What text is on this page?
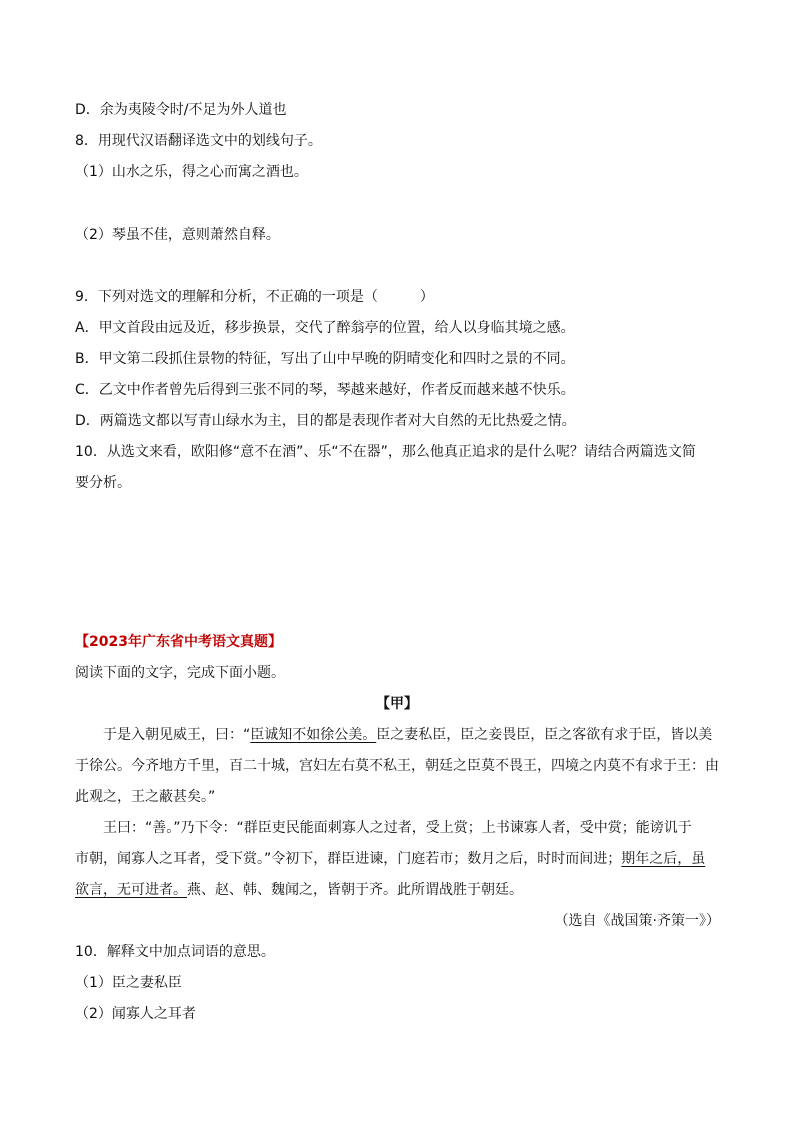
D．余为夷陵令时/不足为外人道也

8．用现代汉语翻译选文中的划线句子。

（1）山水之乐，得之心而寓之酒也。

（2）琴虽不佳，意则萧然自释。

9．下列对选文的理解和分析，不正确的一项是（　　　）

A．甲文首段由远及近，移步换景，交代了醉翁亭的位置，给人以身临其境之感。

B．甲文第二段抓住景物的特征，写出了山中早晚的阴晴变化和四时之景的不同。

C．乙文中作者曾先后得到三张不同的琴，琴越来越好，作者反而越来越不快乐。

D．两篇选文都以写青山绿水为主，目的都是表现作者对大自然的无比热爱之情。

10．从选文来看，欧阳修“意不在酒”、乐“不在器”，那么他真正追求的是什么呢？请结合两篇选文简

要分析。

【2023年广东省中考语文真题】

阅读下面的文字，完成下面小题。

【甲】

于是入朝见威王，曰：“臣诚知不如徐公美。臣之妻私臣，臣之妾畏臣，臣之客欲有求于臣，皆以美

于徐公。今齐地方千里，百二十城，宫妇左右莫不私王，朝廷之臣莫不畏王，四境之内莫不有求于王：由

此观之，王之蔽甚矣。”

王曰：“善。”乃下令：“群臣吏民能面刺寡人之过者，受上赏；上书谏寡人者，受中赏；能谤讥于

市朝，闻寡人之耳者，受下赏。”令初下，群臣进谏，门庭若市；数月之后，时时而间进；期年之后，虽

欲言，无可进者。燕、赵、韩、魏闻之，皆朝于齐。此所谓战胜于朝廷。

（选自《战国策·齐策一》）

10．解释文中加点词语的意思。

（1）臣之妻私臣

（2）闻寡人之耳者
